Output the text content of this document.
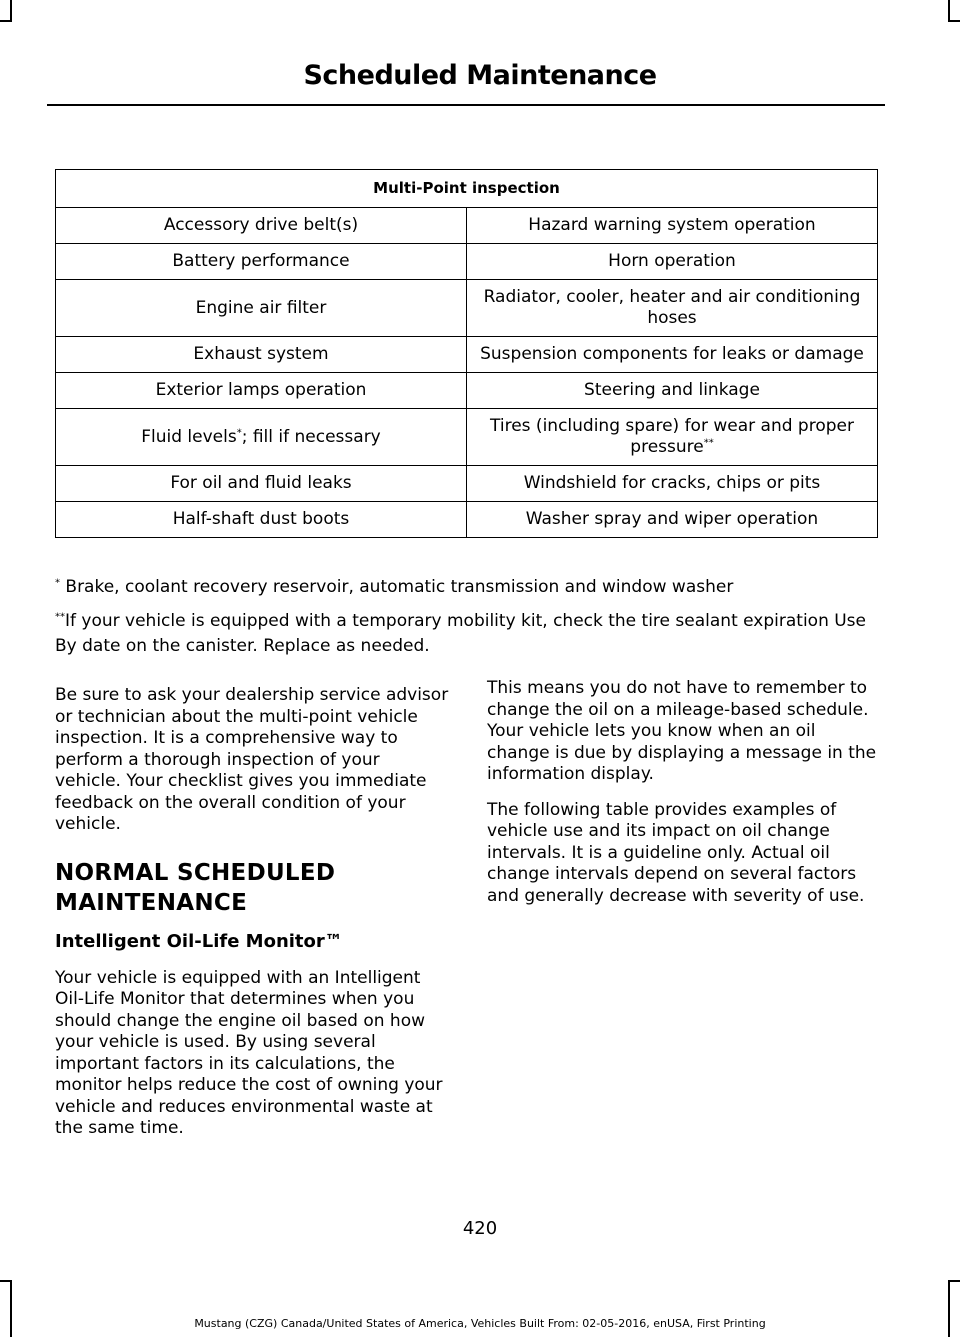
Scheduled Maintenance
Multi-Point inspection	
Accessory drive belt(s)	Hazard warning system operation
Battery performance	Horn operation
Engine air filter	Radiator, cooler, heater and air conditioning hoses
Exhaust system	Suspension components for leaks or damage
Exterior lamps operation	Steering and linkage
Fluid levels*; fill if necessary	Tires (including spare) for wear and proper pressure**
For oil and fluid leaks	Windshield for cracks, chips or pits
Half-shaft dust boots	Washer spray and wiper operation
* Brake, coolant recovery reservoir, automatic transmission and window washer
**If your vehicle is equipped with a temporary mobility kit, check the tire sealant expiration Use By date on the canister. Replace as needed.

Be sure to ask your dealership service advisor or technician about the multi-point vehicle inspection. It is a comprehensive way to perform a thorough inspection of your vehicle. Your checklist gives you immediate feedback on the overall condition of your vehicle.

NORMAL SCHEDULED MAINTENANCE
Intelligent Oil-Life Monitor™

Your vehicle is equipped with an Intelligent Oil-Life Monitor that determines when you should change the engine oil based on how your vehicle is used. By using several important factors in its calculations, the monitor helps reduce the cost of owning your vehicle and reduces environmental waste at the same time.

This means you do not have to remember to change the oil on a mileage-based schedule. Your vehicle lets you know when an oil change is due by displaying a message in the information display.

The following table provides examples of vehicle use and its impact on oil change intervals. It is a guideline only. Actual oil change intervals depend on several factors and generally decrease with severity of use.

420
Mustang (CZG) Canada/United States of America, Vehicles Built From: 02-05-2016, enUSA, First Printing
